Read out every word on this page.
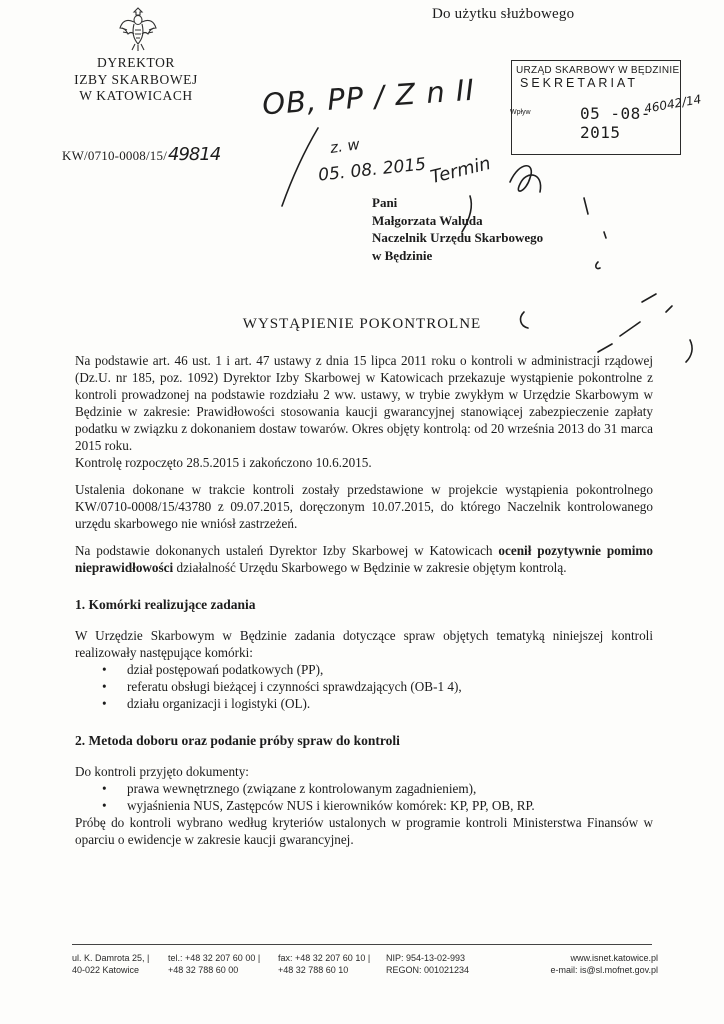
Do użytku służbowego
DYREKTOR
IZBY SKARBOWEJ
W KATOWICACH
KW/0710-0008/15/49814
URZĄD SKARBOWY W BĘDZINIE
SEKRETARIAT
Wpływ	05 -08- 2015
46042/14
OB, PP / Z n II
z. w
05. 08. 2015 Termin
Pani
Małgorzata Waluda
Naczelnik Urzędu Skarbowego
w Będzinie
WYSTĄPIENIE POKONTROLNE

Na podstawie art. 46 ust. 1 i art. 47 ustawy z dnia 15 lipca 2011 roku o kontroli w administracji rządowej (Dz.U. nr 185, poz. 1092) Dyrektor Izby Skarbowej w Katowicach przekazuje wystąpienie pokontrolne z kontroli prowadzonej na podstawie rozdziału 2 ww. ustawy, w trybie zwykłym w Urzędzie Skarbowym w Będzinie w zakresie: Prawidłowości stosowania kaucji gwarancyjnej stanowiącej zabezpieczenie zapłaty podatku w związku z dokonaniem dostaw towarów. Okres objęty kontrolą: od 20 września 2013 do 31 marca 2015 roku.

Kontrolę rozpoczęto 28.5.2015 i zakończono 10.6.2015.

Ustalenia dokonane w trakcie kontroli zostały przedstawione w projekcie wystąpienia pokontrolnego KW/0710-0008/15/43780 z 09.07.2015, doręczonym 10.07.2015, do którego Naczelnik kontrolowanego urzędu skarbowego nie wniósł zastrzeżeń.

Na podstawie dokonanych ustaleń Dyrektor Izby Skarbowej w Katowicach ocenił pozytywnie pomimo nieprawidłowości działalność Urzędu Skarbowego w Będzinie w zakresie objętym kontrolą.

1. Komórki realizujące zadania

W Urzędzie Skarbowym w Będzinie zadania dotyczące spraw objętych tematyką niniejszej kontroli realizowały następujące komórki:

• dział postępowań podatkowych (PP),
• referatu obsługi bieżącej i czynności sprawdzających (OB-1 4),
• działu organizacji i logistyki (OL).
2. Metoda doboru oraz podanie próby spraw do kontroli

Do kontroli przyjęto dokumenty:

• prawa wewnętrznego (związane z kontrolowanym zagadnieniem),
• wyjaśnienia NUS, Zastępców NUS i kierowników komórek: KP, PP, OB, RP.

Próbę do kontroli wybrano według kryteriów ustalonych w programie kontroli Ministerstwa Finansów w oparciu o ewidencje w zakresie kaucji gwarancyjnej.

ul. K. Damrota 25, |	tel.: +48 32 207 60 00 |	fax: +48 32 207 60 10 |	NIP: 954-13-02-993	www.isnet.katowice.pl
40-022 Katowice	+48 32 788 60 00	+48 32 788 60 10	REGON: 001021234	e-mail: is@sl.mofnet.gov.pl
